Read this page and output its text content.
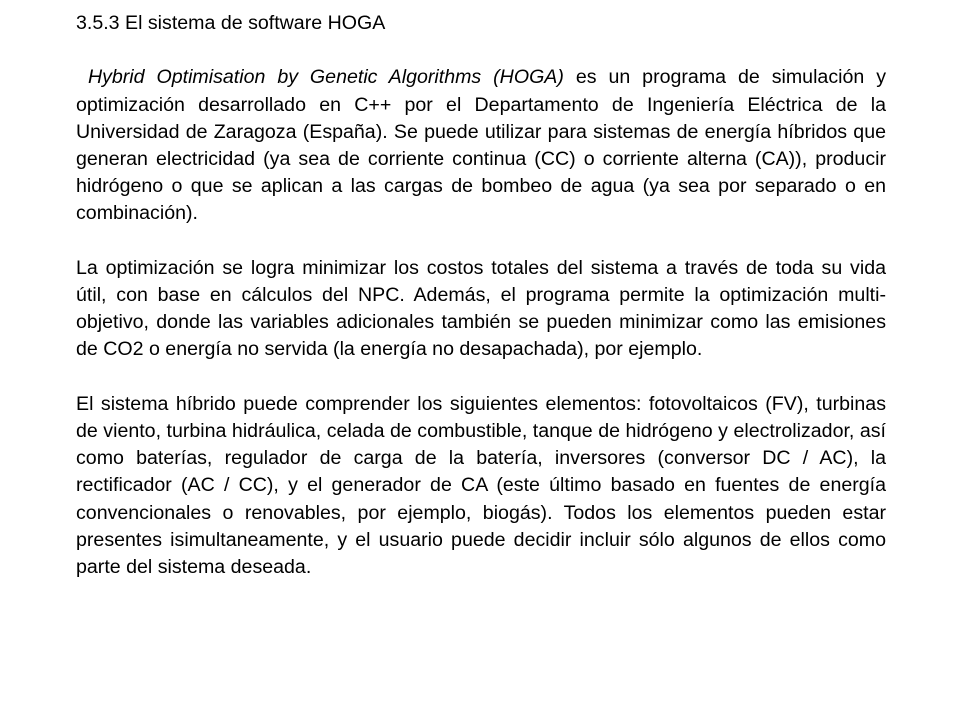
3.5.3 El sistema de software HOGA

Hybrid Optimisation by Genetic Algorithms (HOGA) es un programa de simulación y optimización desarrollado en C++ por el Departamento de Ingeniería Eléctrica de la Universidad de Zaragoza (España). Se puede utilizar para sistemas de energía híbridos que generan electricidad (ya sea de corriente continua (CC) o corriente alterna (CA)), producir hidrógeno o que se aplican a las cargas de bombeo de agua (ya sea por separado o en combinación).

La optimización se logra minimizar los costos totales del sistema a través de toda su vida útil, con base en cálculos del NPC. Además, el programa permite la optimización multi-objetivo, donde las variables adicionales también se pueden minimizar como las emisiones de CO2 o energía no servida (la energía no desapachada), por ejemplo.

El sistema híbrido puede comprender los siguientes elementos: fotovoltaicos (FV), turbinas de viento, turbina hidráulica, celada de combustible, tanque de hidrógeno y electrolizador, así como baterías, regulador de carga de la batería, inversores (conversor DC / AC), la rectificador (AC / CC), y el generador de CA (este último basado en fuentes de energía convencionales o renovables, por ejemplo, biogás). Todos los elementos pueden estar presentes isimultaneamente, y el usuario puede decidir incluir sólo algunos de ellos como parte del sistema deseada.
